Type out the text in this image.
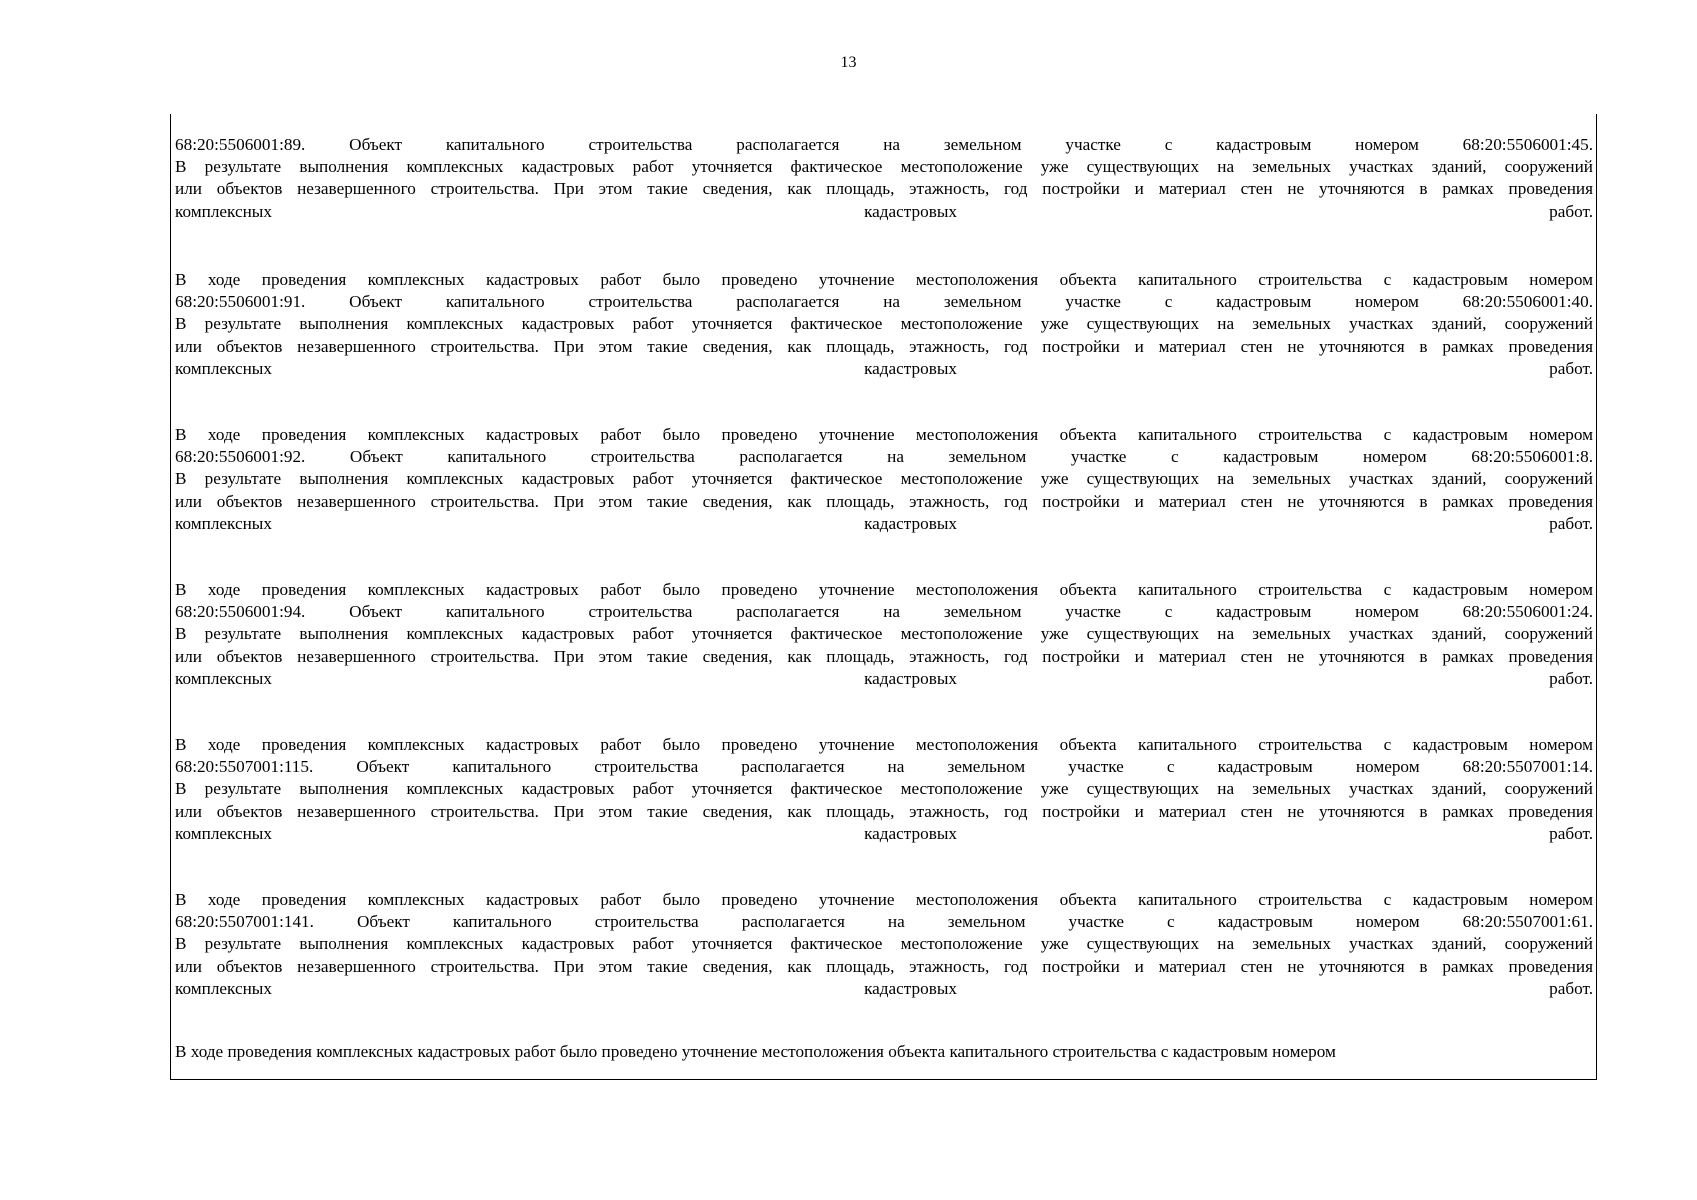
13

68:20:5506001:89. Объект капитального строительства располагается на земельном участке с кадастровым номером 68:20:5506001:45.

В результате выполнения комплексных кадастровых работ уточняется фактическое местоположение уже существующих на земельных участках зданий, сооружений

или объектов незавершенного строительства. При этом такие сведения, как площадь, этажность, год постройки и материал стен не уточняются в рамках проведения

комплексных кадастровых работ.

В ходе проведения комплексных кадастровых работ было проведено уточнение местоположения объекта капитального строительства с кадастровым номером

68:20:5506001:91. Объект капитального строительства располагается на земельном участке с кадастровым номером 68:20:5506001:40.

В результате выполнения комплексных кадастровых работ уточняется фактическое местоположение уже существующих на земельных участках зданий, сооружений

или объектов незавершенного строительства. При этом такие сведения, как площадь, этажность, год постройки и материал стен не уточняются в рамках проведения

комплексных кадастровых работ.

В ходе проведения комплексных кадастровых работ было проведено уточнение местоположения объекта капитального строительства с кадастровым номером

68:20:5506001:92. Объект капитального строительства располагается на земельном участке с кадастровым номером 68:20:5506001:8.

В результате выполнения комплексных кадастровых работ уточняется фактическое местоположение уже существующих на земельных участках зданий, сооружений

или объектов незавершенного строительства. При этом такие сведения, как площадь, этажность, год постройки и материал стен не уточняются в рамках проведения

комплексных кадастровых работ.

В ходе проведения комплексных кадастровых работ было проведено уточнение местоположения объекта капитального строительства с кадастровым номером

68:20:5506001:94. Объект капитального строительства располагается на земельном участке с кадастровым номером 68:20:5506001:24.

В результате выполнения комплексных кадастровых работ уточняется фактическое местоположение уже существующих на земельных участках зданий, сооружений

или объектов незавершенного строительства. При этом такие сведения, как площадь, этажность, год постройки и материал стен не уточняются в рамках проведения

комплексных кадастровых работ.

В ходе проведения комплексных кадастровых работ было проведено уточнение местоположения объекта капитального строительства с кадастровым номером

68:20:5507001:115. Объект капитального строительства располагается на земельном участке с кадастровым номером 68:20:5507001:14.

В результате выполнения комплексных кадастровых работ уточняется фактическое местоположение уже существующих на земельных участках зданий, сооружений

или объектов незавершенного строительства. При этом такие сведения, как площадь, этажность, год постройки и материал стен не уточняются в рамках проведения

комплексных кадастровых работ.

В ходе проведения комплексных кадастровых работ было проведено уточнение местоположения объекта капитального строительства с кадастровым номером

68:20:5507001:141. Объект капитального строительства располагается на земельном участке с кадастровым номером 68:20:5507001:61.

В результате выполнения комплексных кадастровых работ уточняется фактическое местоположение уже существующих на земельных участках зданий, сооружений

или объектов незавершенного строительства. При этом такие сведения, как площадь, этажность, год постройки и материал стен не уточняются в рамках проведения

комплексных кадастровых работ.

В ходе проведения комплексных кадастровых работ было проведено уточнение местоположения объекта капитального строительства с кадастровым номером
